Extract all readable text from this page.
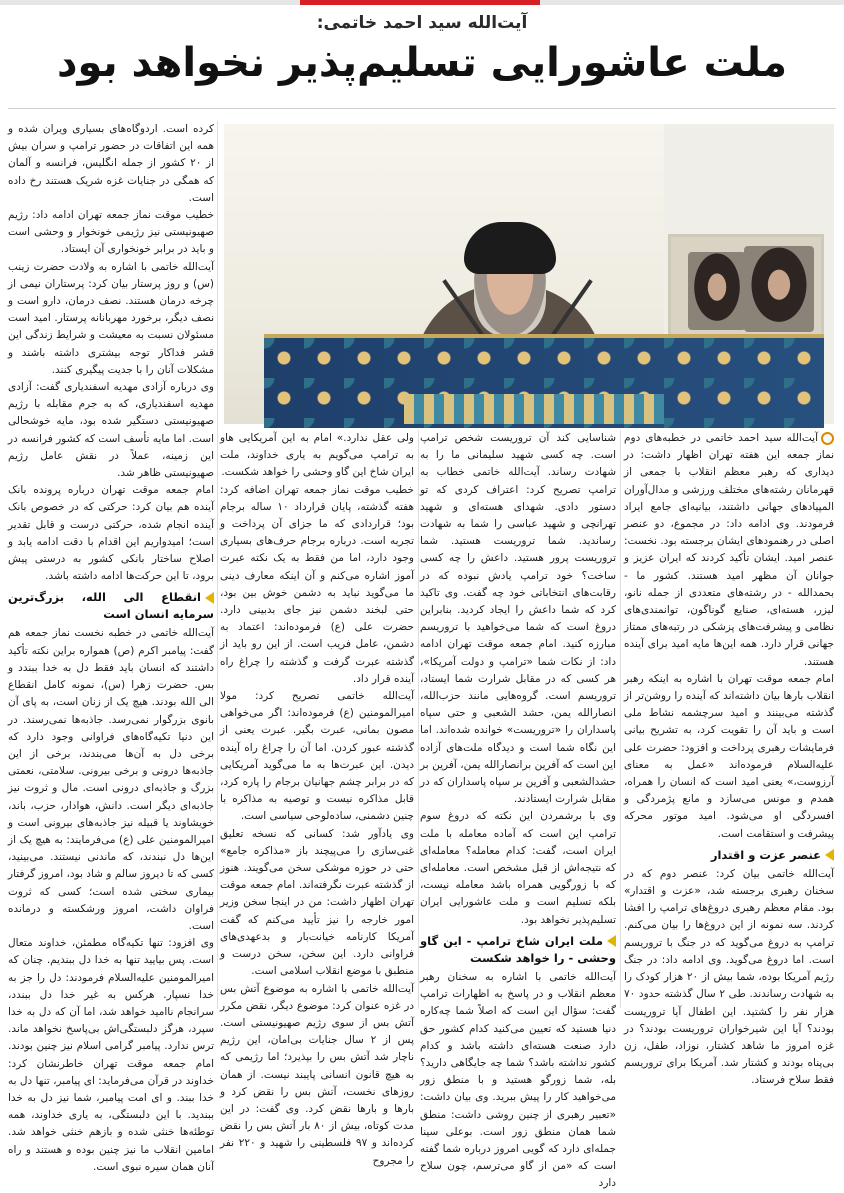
آیت‌الله سید احمد خاتمی:
ملت عاشورایی تسلیم‌پذیر نخواهد بود

کرده است. اردوگاه‌های بسیاری ویران شده و همه این اتفاقات در حضور ترامپ و سران بیش از ۲۰ کشور از جمله انگلیس، فرانسه و آلمان که همگی در جنایات غزه شریک هستند رخ داده است.

خطیب موقت نماز جمعه تهران ادامه داد: رژیم صهیونیستی نیز رژیمی خونخوار و وحشی است و باید در برابر خونخواری آن ایستاد.

آیت‌الله خاتمی با اشاره به ولادت حضرت زینب (س) و روز پرستار بیان کرد: پرستاران نیمی از چرخه درمان هستند. نصف درمان، دارو است و نصف دیگر، برخورد مهربانانه پرستار. امید است مسئولان نسبت به معیشت و شرایط زندگی این قشر فداکار توجه بیشتری داشته باشند و مشکلات آنان را با جدیت پیگیری کنند.

وی درباره آزادی مهدیه اسفندیاری گفت: آزادی مهدیه اسفندیاری، که به جرم مقابله با رژیم صهیونیستی دستگیر شده بود، مایه خوشحالی است. اما مایه تأسف است که کشور فرانسه در این زمینه، عملاً در نقش عامل رژیم صهیونیستی ظاهر شد.

امام جمعه موقت تهران درباره پرونده بانک آینده هم بیان کرد: حرکتی که در خصوص بانک آینده انجام شده، حرکتی درست و قابل تقدیر است؛ امیدواریم این اقدام با دقت ادامه یابد و اصلاح ساختار بانکی کشور به درستی پیش برود، تا این حرکت‌ها ادامه داشته باشد.

انقطاع الی الله، بزرگ‌ترین سرمایه انسان است

آیت‌الله خاتمی در خطبه نخست نماز جمعه هم گفت: پیامبر اکرم (ص) همواره براین نکته تأکید داشتند که انسان باید فقط دل به خدا ببندد و بس. حضرت زهرا (س)، نمونه کامل انقطاع الی الله بودند. هیچ یک از زنان است، به پای آن بانوی بزرگوار نمی‌رسد. جاذبه‌ها نمی‌رسند. در این دنیا تکیه‌گاه‌های فراوانی وجود دارد که برخی دل به آن‌ها می‌بندند، برخی از این جاذبه‌ها درونی و برخی بیرونی. سلامتی، نعمتی بزرگ و جاذبه‌ای درونی است. مال و ثروت نیز جاذبه‌ای دیگر است. دانش، هوادار، حزب، باند، خویشاوند یا قبیله نیز جاذبه‌های بیرونی است و امیرالمومنین علی (ع) می‌فرمایند: به هیچ یک از این‌ها دل نبندند، که ماندنی نیستند. می‌بینید، کسی که تا دیروز سالم و شاد بود، امروز گرفتار بیماری سختی شده است؛ کسی که ثروت فراوان داشت، امروز ورشکسته و درمانده است.

وی افزود: تنها تکیه‌گاه مطمئن، خداوند متعال است. پس بیایید تنها به خدا دل ببندیم. چنان که امیرالمومنین علیه‌السلام فرمودند: دل را جز به خدا نسپار. هرکس به غیر خدا دل ببندد، سرانجام نا‌امید خواهد شد، اما آن که دل به خدا سپرد، هرگز دلبستگی‌اش بی‌پاسخ نخواهد ماند. ترس ندارد. پیامبر گرامی اسلام نیز چنین بودند. امام جمعه موقت تهران خاطرنشان کرد: خداوند در قرآن می‌فرماید: ای پیامبر، تنها دل به خدا ببند. و ای امت پیامبر، شما نیز دل به خدا ببندید. با این دلبستگی، به یاری خداوند، همه توطئه‌ها خنثی شده و بازهم خنثی خواهد شد. امامین انقلاب ما نیز چنین بوده و هستند و راه آنان همان سیره نبوی است.

آیت‌الله سید احمد خاتمی در خطبه‌های دوم نماز جمعه این هفته تهران اظهار داشت: در دیداری که رهبر معظم انقلاب با جمعی از قهرمانان رشته‌های مختلف ورزشی و مدال‌آوران المپیادهای جهانی داشتند، بیانیه‌ای جامع ایراد فرمودند. وی ادامه داد: در مجموع، دو عنصر اصلی در رهنمودهای ایشان برجسته بود. نخست: عنصر امید. ایشان تأکید کردند که ایران عزیز و جوانان آن مظهر امید هستند. کشور ما - بحمدالله - در رشته‌های متعددی از جمله نانو، لیزر، هسته‌ای، صنایع گوناگون، توانمندی‌های نظامی و پیشرفت‌های پزشکی در رتبه‌های ممتاز جهانی قرار دارد. همه این‌ها مایه امید برای آینده هستند.

امام جمعه موقت تهران با اشاره به اینکه رهبر انقلاب بارها بیان داشته‌اند که آینده را روشن‌تر از گذشته می‌بینند و امید سرچشمه نشاط ملی است و باید آن را تقویت کرد، به تشریح بیانی فرمایشات رهبری پرداخت و افزود: حضرت علی علیه‌السلام فرموده‌اند «عمل به معنای آرزوست،» یعنی امید است که انسان را همراه، همدم و مونس می‌سازد و مانع پژمردگی و افسردگی او می‌شود. امید موتور محرکه پیشرفت و استقامت است.

عنصر عزت و اقتدار

آیت‌الله خاتمی بیان کرد: عنصر دوم که در سخنان رهبری برجسته شد، «عزت و اقتدار» بود. مقام معظم رهبری دروغ‌های ترامپ را افشا کردند. سه نمونه از این دروغ‌ها را بیان می‌کنم. ترامپ به دروغ می‌گوید که در جنگ با تروریسم است. اما دروغ می‌گوید. وی ادامه داد: در جنگ رژیم آمریکا بوده، شما بیش از ۲۰ هزار کودک را به شهادت رساندند. طی ۲ سال گذشته حدود ۷۰ هزار نفر را کشتید. این اطفال آیا تروریست بودند؟ آیا این شیرخواران تروریست بودند؟ در غزه امروز ما شاهد کشتار، نوزاد، طفل، زن بی‌پناه بودند و کشتار شد. آمریکا برای تروریسم فقط سلاح فرستاد.

شناسایی کند آن تروریست شخص ترامپ است. چه کسی شهید سلیمانی ما را به شهادت رساند. آیت‌الله خاتمی خطاب به ترامپ تصریح کرد: اعتراف کردی که تو دستور دادی. شهدای هسته‌ای و شهید تهرانچی و شهید عباسی را شما به شهادت رساندید. شما تروریست هستید. شما تروریست پرور هستید. داعش را چه کسی ساخت؟ خود ترامپ یادش نبوده که در رقابت‌های انتخاباتی خود چه گفت. وی تاکید کرد که شما داعش را ایجاد کردید. بنابراین دروغ است که شما می‌خواهید با تروریسم مبارزه کنید. امام جمعه موقت تهران ادامه داد: از نکات شما «ترامپ و دولت آمریکا»، هر کسی که در مقابل شرارت شما ایستاد، تروریسم است. گروه‌هایی مانند حزب‌الله، انصارالله یمن، حشد الشعبی و حتی سپاه پاسداران را «تروریست» خوانده شده‌اند. اما این نگاه شما است و دیدگاه ملت‌های آزاده این است که آفرین برانصارالله یمن، آفرین بر حشدالشعبی و آفرین بر سپاه پاسداران که در مقابل شرارت ایستادند.

وی با برشمردن این نکته که دروغ سوم ترامپ این است که آماده معامله با ملت ایران است، گفت: کدام معامله؟ معامله‌ای که نتیجه‌اش از قبل مشخص است. معامله‌ای که با زورگویی همراه باشد معامله نیست، بلکه تسلیم است و ملت عاشورایی ایران تسلیم‌پذیر نخواهد بود.

ملت ایران شاخ ترامپ - این گاو وحشی - را خواهد شکست

آیت‌الله خاتمی با اشاره به سخنان رهبر معظم انقلاب و در پاسخ به اظهارات ترامپ گفت: سؤال این است که اصلاً شما چه‌کاره دنیا هستید که تعیین می‌کنید کدام کشور حق دارد صنعت هسته‌ای داشته باشد و کدام کشور نداشته باشد؟ شما چه جایگاهی دارید؟ بله، شما زورگو هستید و با منطق زور می‌خواهید کار را پیش ببرید. وی بیان داشت: «تعبیر رهبری از چنین روشی داشت: منطق شما همان منطق زور است. بوعلی سینا جمله‌ای دارد که گویی امروز درباره شما گفته است که «من از گاو می‌ترسم، چون سلاح دارد

ولی عقل ندارد.» امام به این آمریکایی هاو به ترامپ می‌گویم به یاری خداوند، ملت ایران شاخ این گاو وحشی را خواهد شکست.

خطیب موقت نماز جمعه تهران اضافه کرد: هفته گذشته، پایان قرارداد ۱۰ ساله برجام بود؛ قراردادی که ما جزای آن پرداخت و تجربه است. درباره برجام حرف‌های بسیاری وجود دارد، اما من فقط به یک نکته عبرت آموز اشاره می‌کنم و آن اینکه معارف دینی ما می‌گوید نباید به دشمن خوش بین بود، حتی لبخند دشمن نیز جای بدبینی دارد. حضرت علی (ع) فرموده‌اند: اعتماد به دشمن، عامل فریب است. از این رو باید از گذشته عبرت گرفت و گذشته را چراغ راه آینده قرار داد.

آیت‌الله خاتمی تصریح کرد: مولا امیرالمومنین (ع) فرموده‌اند: اگر می‌خواهی مصون بمانی، عبرت بگیر. عبرت یعنی از گذشته عبور کردن. اما آن را چراغ راه آینده دیدن. این عبرت‌ها به ما می‌گوید آمریکایی که در برابر چشم جهانیان برجام را پاره کرد، قابل مذاکره نیست و توصیه به مذاکره با چنین دشمنی، ساده‌لوحی سیاسی است.

وی یادآور شد: کسانی که نسخه تعلیق غنی‌سازی را می‌پیچند باز «مذاکره جامع» حتی در حوزه موشکی سخن می‌گویند. هنوز از گذشته عبرت نگرفته‌اند. امام جمعه موقت تهران اظهار داشت: من در اینجا سخن وزیر امور خارجه را نیز تأیید می‌کنم که گفت آمریکا کارنامه خیانت‌بار و بدعهدی‌های فراوانی دارد. این سخن، سخن درست و منطبق با موضع انقلاب اسلامی است.

آیت‌الله خاتمی با اشاره به موضوع آتش بس در غزه عنوان کرد: موضوع دیگر، نقض مکرر آتش بس از سوی رژیم صهیونیستی است. پس از ۲ سال جنایات بی‌امان، این رژیم ناچار شد آتش بس را بپذیرد؛ اما رژیمی که به هیچ قانون انسانی پایبند نیست. از همان روزهای نخست، آتش بس را نقض کرد و بارها و بارها نقض کرد. وی گفت: در این مدت کوتاه، بیش از ۸۰ بار آتش بس را نقض کرده‌اند و ۹۷ فلسطینی را شهید و ۲۲۰ نفر را مجروح
